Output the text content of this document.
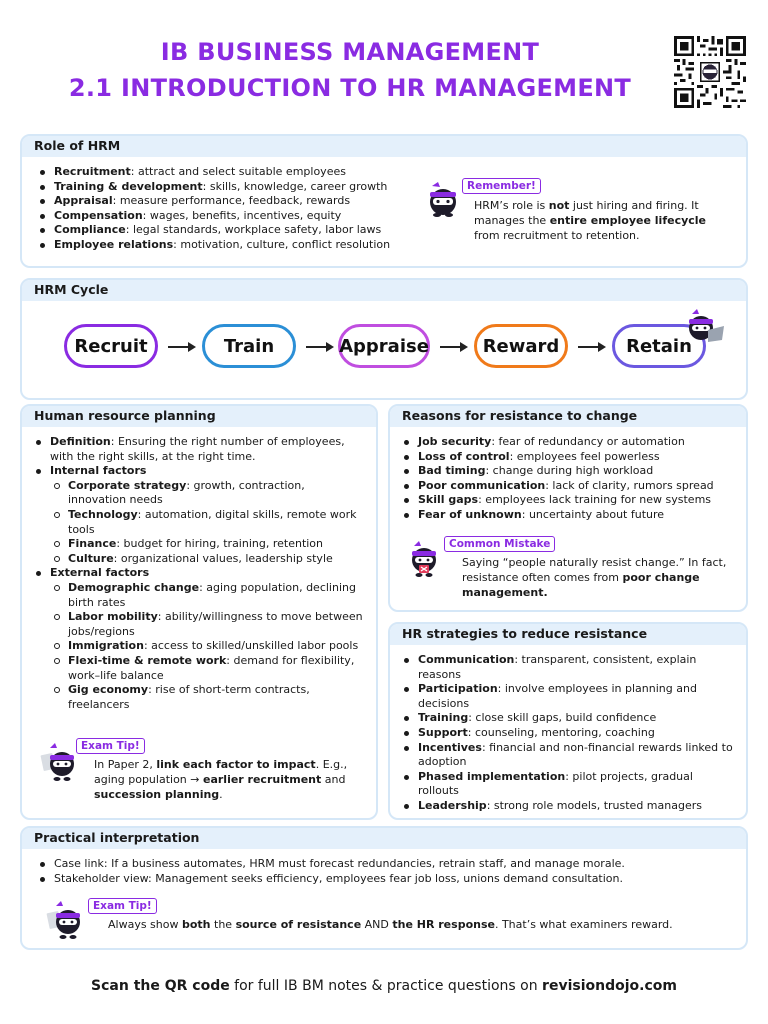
IB BUSINESS MANAGEMENT
2.1 INTRODUCTION TO HR MANAGEMENT
Role of HRM
Recruitment: attract and select suitable employees
Training & development: skills, knowledge, career growth
Appraisal: measure performance, feedback, rewards
Compensation: wages, benefits, incentives, equity
Compliance: legal standards, workplace safety, labor laws
Employee relations: motivation, culture, conflict resolution
Remember!
HRM’s role is not just hiring and firing. It manages the entire employee lifecycle from recruitment to retention.
HRM Cycle
Recruit	Train	Appraise	Reward	Retain
Human resource planning
Definition: Ensuring the right number of employees, with the right skills, at the right time.
Internal factors
Corporate strategy: growth, contraction, innovation needs
Technology: automation, digital skills, remote work tools
Finance: budget for hiring, training, retention
Culture: organizational values, leadership style
External factors
Demographic change: aging population, declining birth rates
Labor mobility: ability/willingness to move between jobs/regions
Immigration: access to skilled/unskilled labor pools
Flexi-time & remote work: demand for flexibility, work–life balance
Gig economy: rise of short-term contracts, freelancers
Exam Tip!
In Paper 2, link each factor to impact. E.g., aging population → earlier recruitment and succession planning.
Reasons for resistance to change
Job security: fear of redundancy or automation
Loss of control: employees feel powerless
Bad timing: change during high workload
Poor communication: lack of clarity, rumors spread
Skill gaps: employees lack training for new systems
Fear of unknown: uncertainty about future
Common Mistake
Saying “people naturally resist change.” In fact, resistance often comes from poor change management.
HR strategies to reduce resistance
Communication: transparent, consistent, explain reasons
Participation: involve employees in planning and decisions
Training: close skill gaps, build confidence
Support: counseling, mentoring, coaching
Incentives: financial and non-financial rewards linked to adoption
Phased implementation: pilot projects, gradual rollouts
Leadership: strong role models, trusted managers
Practical interpretation
Case link: If a business automates, HRM must forecast redundancies, retrain staff, and manage morale.
Stakeholder view: Management seeks efficiency, employees fear job loss, unions demand consultation.
Exam Tip!
Always show both the source of resistance AND the HR response. That’s what examiners reward.
Scan the QR code for full IB BM notes & practice questions on revisiondojo.com
